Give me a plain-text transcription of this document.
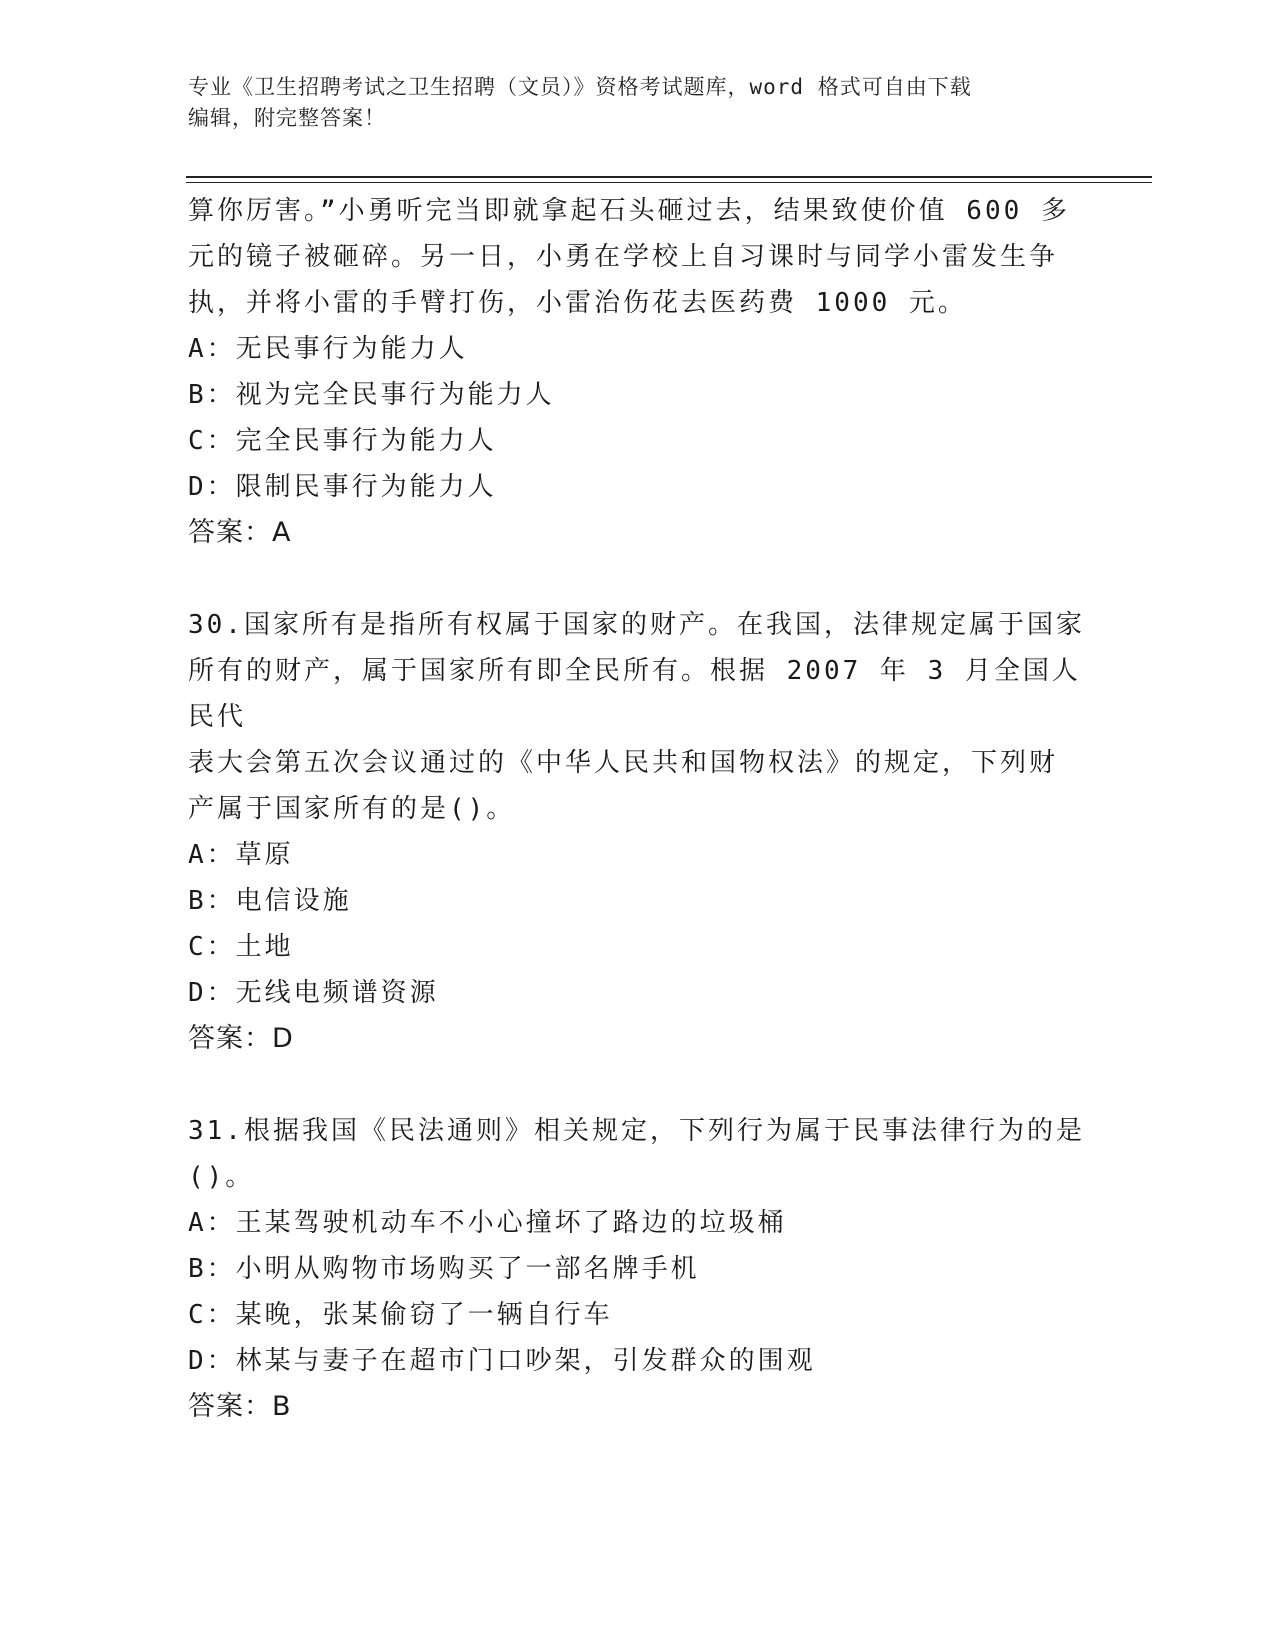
专业《卫生招聘考试之卫生招聘（文员）》资格考试题库，word 格式可自由下载
编辑，附完整答案！

算你厉害。”小勇听完当即就拿起石头砸过去，结果致使价值 600 多

元的镜子被砸碎。另一日，小勇在学校上自习课时与同学小雷发生争

执，并将小雷的手臂打伤，小雷治伤花去医药费 1000 元。

A：无民事行为能力人

B：视为完全民事行为能力人

C：完全民事行为能力人

D：限制民事行为能力人

答案：A

30.国家所有是指所有权属于国家的财产。在我国，法律规定属于国家

所有的财产，属于国家所有即全民所有。根据 2007 年 3 月全国人民代

表大会第五次会议通过的《中华人民共和国物权法》的规定，下列财

产属于国家所有的是()。

A：草原

B：电信设施

C：土地

D：无线电频谱资源

答案：D

31.根据我国《民法通则》相关规定，下列行为属于民事法律行为的是

()。

A：王某驾驶机动车不小心撞坏了路边的垃圾桶

B：小明从购物市场购买了一部名牌手机

C：某晚，张某偷窃了一辆自行车

D：林某与妻子在超市门口吵架，引发群众的围观

答案：B
